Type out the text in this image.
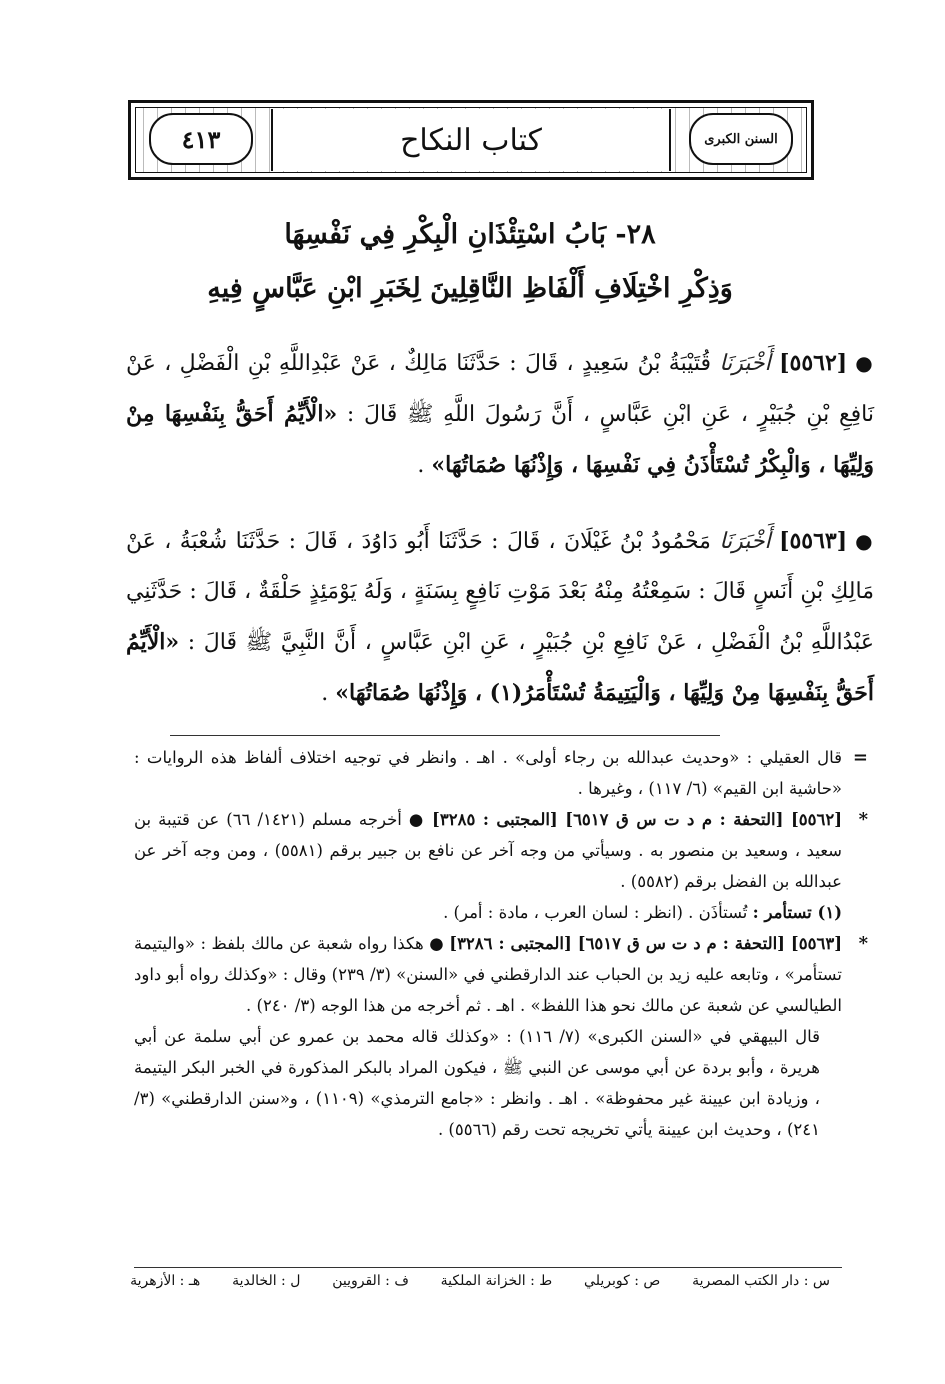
كتاب النكاح
٤١٣	السنن الكبرى
٢٨- بَابُ اسْتِئْذَانِ الْبِكْرِ فِي نَفْسِهَا
وَذِكْرِ اخْتِلَافِ أَلْفَاظِ النَّاقِلِينَ لِخَبَرِ ابْنِ عَبَّاسٍ فِيهِ
●[٥٥٦٢] أَخْبَرَنَا قُتَيْبَةُ بْنُ سَعِيدٍ ، قَالَ : حَدَّثَنَا مَالِكٌ ، عَنْ عَبْدِاللَّهِ بْنِ الْفَضْلِ ، عَنْ نَافِعِ بْنِ جُبَيْرٍ ، عَنِ ابْنِ عَبَّاسٍ ، أَنَّ رَسُولَ اللَّهِ ﷺ قَالَ : «الْأَيِّمُ أَحَقُّ بِنَفْسِهَا مِنْ وَلِيِّهَا ، وَالْبِكْرُ تُسْتَأْذَنُ فِي نَفْسِهَا ، وَإِذْنُهَا صُمَاتُهَا» .
●[٥٥٦٣] أَخْبَرَنَا مَحْمُودُ بْنُ غَيْلَانَ ، قَالَ : حَدَّثَنَا أَبُو دَاوُدَ ، قَالَ : حَدَّثَنَا شُعْبَةُ ، عَنْ مَالِكِ بْنِ أَنَسٍ قَالَ : سَمِعْتُهُ مِنْهُ بَعْدَ مَوْتِ نَافِعٍ بِسَنَةٍ ، وَلَهُ يَوْمَئِذٍ حَلْقَةٌ ، قَالَ : حَدَّثَنِي عَبْدُاللَّهِ بْنُ الْفَضْلِ ، عَنْ نَافِعِ بْنِ جُبَيْرٍ ، عَنِ ابْنِ عَبَّاسٍ ، أَنَّ النَّبِيَّ ﷺ قَالَ : «الْأَيِّمُ أَحَقُّ بِنَفْسِهَا مِنْ وَلِيِّهَا ، وَالْيَتِيمَةُ تُسْتَأْمَرُ(١) ، وَإِذْنُهَا صُمَاتُهَا» .

=
قال العقيلي : «وحديث عبدالله بن رجاء أولى» . اهـ . وانظر في توجيه اختلاف ألفاظ هذه الروايات : «حاشية ابن القيم» (٦/ ١١٧) ، وغيرها .

*
[٥٥٦٢] [التحفة : م د ت س ق ٦٥١٧] [المجتبى : ٣٢٨٥] ● أخرجه مسلم (١٤٢١/ ٦٦) عن قتيبة بن سعيد ، وسعيد بن منصور به . وسيأتي من وجه آخر عن نافع بن جبير برقم (٥٥٨١) ، ومن وجه آخر عن عبدالله بن الفضل برقم (٥٥٨٢) .

(١) تستأمر : تُستأذَن . (انظر : لسان العرب ، مادة : أمر) .

*
[٥٥٦٣] [التحفة : م د ت س ق ٦٥١٧] [المجتبى : ٣٢٨٦] ● هكذا رواه شعبة عن مالك بلفظ : «واليتيمة تستأمر» ، وتابعه عليه زيد بن الحباب عند الدارقطني في «السنن» (٣/ ٢٣٩) وقال : «وكذلك رواه أبو داود الطيالسي عن شعبة عن مالك نحو هذا اللفظ» . اهـ . ثم أخرجه من هذا الوجه (٣/ ٢٤٠) .

قال البيهقي في «السنن الكبرى» (٧/ ١١٦) : «وكذلك قاله محمد بن عمرو عن أبي سلمة عن أبي هريرة ، وأبو بردة عن أبي موسى عن النبي ﷺ ، فيكون المراد بالبكر المذكورة في الخبر البكر اليتيمة ، وزيادة ابن عيينة غير محفوظة» . اهـ . وانظر : «جامع الترمذي» (١١٠٩) ، و«سنن الدارقطني» (٣/ ٢٤١) ، وحديث ابن عيينة يأتي تخريجه تحت رقم (٥٥٦٦) .

س : دار الكتب المصرية
ص : كوبريلي
ط : الخزانة الملكية
ف : القرويين
ل : الخالدية
هـ : الأزهرية
